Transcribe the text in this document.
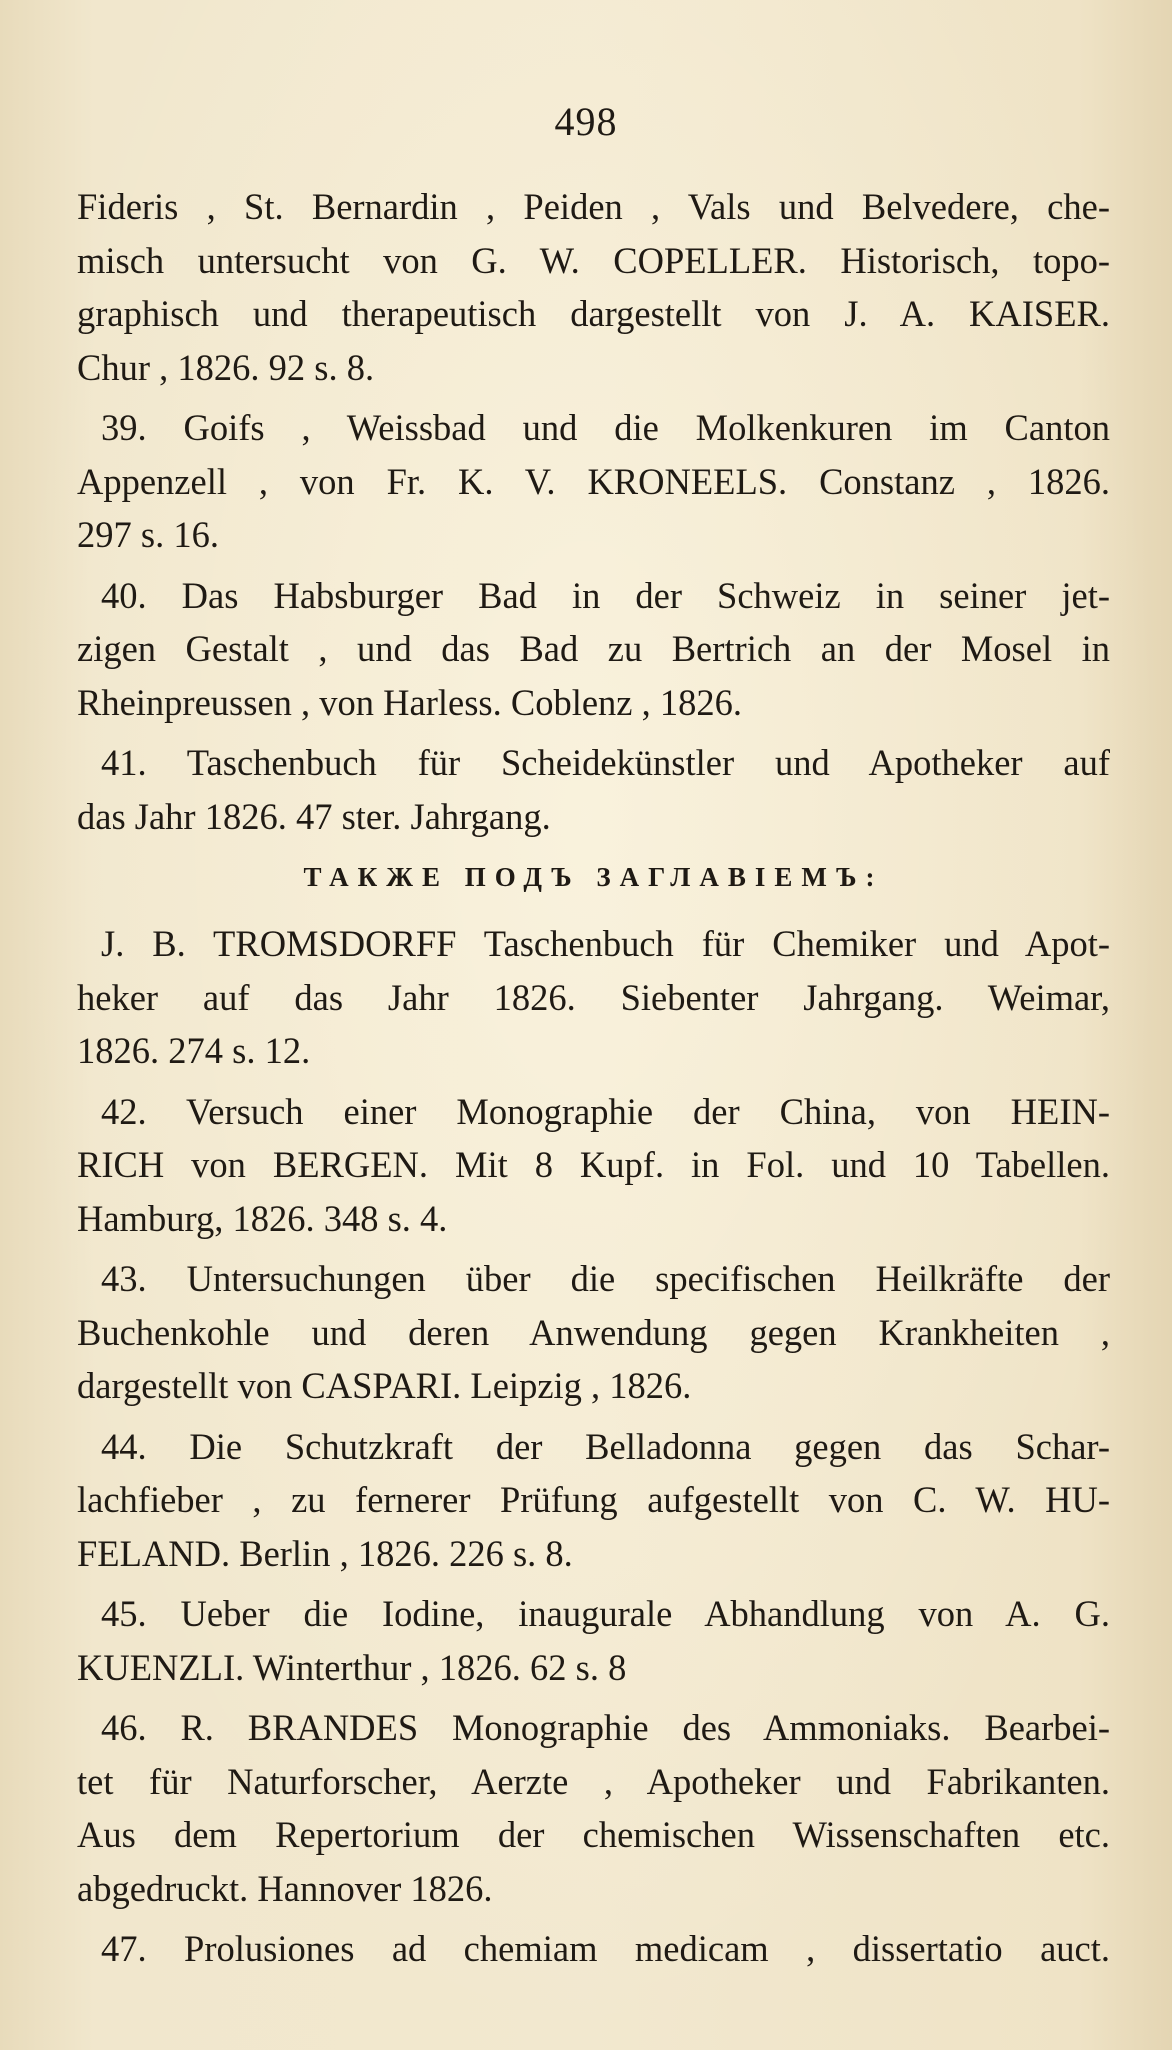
498
Fideris , St. Bernardin , Peiden , Vals und Belvedere, che-
misch untersucht von G. W. COPELLER. Historisch, topo-
graphisch und therapeutisch dargestellt von J. A. KAISER.
Chur , 1826. 92 s. 8.
39. Goifs , Weissbad und die Molkenkuren im Canton
Appenzell , von Fr. K. V. KRONEELS. Constanz , 1826.
297 s. 16.
40. Das Habsburger Bad in der Schweiz in seiner jet-
zigen Gestalt , und das Bad zu Bertrich an der Mosel in
Rheinpreussen , von Harless. Coblenz , 1826.
41. Taschenbuch für Scheidekünstler und Apotheker auf
das Jahr 1826. 47 ster. Jahrgang.
ТАКЖЕ ПОДЪ ЗАГЛАВІЕМЪ:
J. B. TROMSDORFF Taschenbuch für Chemiker und Apot-
heker auf das Jahr 1826. Siebenter Jahrgang. Weimar,
1826. 274 s. 12.
42. Versuch einer Monographie der China, von HEIN-
RICH von BERGEN. Mit 8 Kupf. in Fol. und 10 Tabellen.
Hamburg, 1826. 348 s. 4.
43. Untersuchungen über die specifischen Heilkräfte der
Buchenkohle und deren Anwendung gegen Krankheiten ,
dargestellt von CASPARI. Leipzig , 1826.
44. Die Schutzkraft der Belladonna gegen das Schar-
lachfieber , zu fernerer Prüfung aufgestellt von C. W. HU-
FELAND. Berlin , 1826. 226 s. 8.
45. Ueber die Iodine, inaugurale Abhandlung von A. G.
KUENZLI. Winterthur , 1826. 62 s. 8
46. R. BRANDES Monographie des Ammoniaks. Bearbei-
tet für Naturforscher, Aerzte , Apotheker und Fabrikanten.
Aus dem Repertorium der chemischen Wissenschaften etc.
abgedruckt. Hannover 1826.
47. Prolusiones ad chemiam medicam , dissertatio auct.
